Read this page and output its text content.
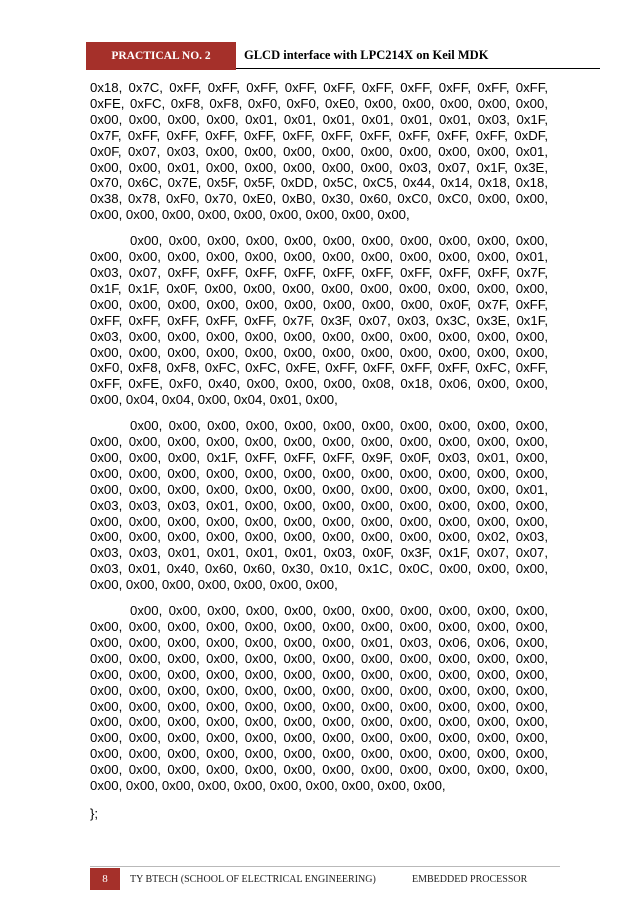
PRACTICAL NO. 2	GLCD interface with LPC214X on Keil MDK

0x18, 0x7C, 0xFF, 0xFF, 0xFF, 0xFF, 0xFF, 0xFF, 0xFF, 0xFF, 0xFF, 0xFF, 0xFE, 0xFC, 0xF8, 0xF8, 0xF0, 0xF0, 0xE0, 0x00, 0x00, 0x00, 0x00, 0x00, 0x00, 0x00, 0x00, 0x00, 0x01, 0x01, 0x01, 0x01, 0x01, 0x01, 0x03, 0x1F, 0x7F, 0xFF, 0xFF, 0xFF, 0xFF, 0xFF, 0xFF, 0xFF, 0xFF, 0xFF, 0xFF, 0xDF, 0x0F, 0x07, 0x03, 0x00, 0x00, 0x00, 0x00, 0x00, 0x00, 0x00, 0x00, 0x01, 0x00, 0x00, 0x01, 0x00, 0x00, 0x00, 0x00, 0x00, 0x03, 0x07, 0x1F, 0x3E, 0x70, 0x6C, 0x7E, 0x5F, 0x5F, 0xDD, 0x5C, 0xC5, 0x44, 0x14, 0x18, 0x18, 0x38, 0x78, 0xF0, 0x70, 0xE0, 0xB0, 0x30, 0x60, 0xC0, 0xC0, 0x00, 0x00, 0x00, 0x00, 0x00, 0x00, 0x00, 0x00, 0x00, 0x00, 0x00,

0x00, 0x00, 0x00, 0x00, 0x00, 0x00, 0x00, 0x00, 0x00, 0x00, 0x00, 0x00, 0x00, 0x00, 0x00, 0x00, 0x00, 0x00, 0x00, 0x00, 0x00, 0x00, 0x01, 0x03, 0x07, 0xFF, 0xFF, 0xFF, 0xFF, 0xFF, 0xFF, 0xFF, 0xFF, 0xFF, 0x7F, 0x1F, 0x1F, 0x0F, 0x00, 0x00, 0x00, 0x00, 0x00, 0x00, 0x00, 0x00, 0x00, 0x00, 0x00, 0x00, 0x00, 0x00, 0x00, 0x00, 0x00, 0x00, 0x0F, 0x7F, 0xFF, 0xFF, 0xFF, 0xFF, 0xFF, 0xFF, 0x7F, 0x3F, 0x07, 0x03, 0x3C, 0x3E, 0x1F, 0x03, 0x00, 0x00, 0x00, 0x00, 0x00, 0x00, 0x00, 0x00, 0x00, 0x00, 0x00, 0x00, 0x00, 0x00, 0x00, 0x00, 0x00, 0x00, 0x00, 0x00, 0x00, 0x00, 0x00, 0xF0, 0xF8, 0xF8, 0xFC, 0xFC, 0xFE, 0xFF, 0xFF, 0xFF, 0xFF, 0xFC, 0xFF, 0xFF, 0xFE, 0xF0, 0x40, 0x00, 0x00, 0x00, 0x08, 0x18, 0x06, 0x00, 0x00, 0x00, 0x04, 0x04, 0x00, 0x04, 0x01, 0x00,

0x00, 0x00, 0x00, 0x00, 0x00, 0x00, 0x00, 0x00, 0x00, 0x00, 0x00, 0x00, 0x00, 0x00, 0x00, 0x00, 0x00, 0x00, 0x00, 0x00, 0x00, 0x00, 0x00, 0x00, 0x00, 0x00, 0x1F, 0xFF, 0xFF, 0xFF, 0x9F, 0x0F, 0x03, 0x01, 0x00, 0x00, 0x00, 0x00, 0x00, 0x00, 0x00, 0x00, 0x00, 0x00, 0x00, 0x00, 0x00, 0x00, 0x00, 0x00, 0x00, 0x00, 0x00, 0x00, 0x00, 0x00, 0x00, 0x00, 0x01, 0x03, 0x03, 0x03, 0x01, 0x00, 0x00, 0x00, 0x00, 0x00, 0x00, 0x00, 0x00, 0x00, 0x00, 0x00, 0x00, 0x00, 0x00, 0x00, 0x00, 0x00, 0x00, 0x00, 0x00, 0x00, 0x00, 0x00, 0x00, 0x00, 0x00, 0x00, 0x00, 0x00, 0x00, 0x02, 0x03, 0x03, 0x03, 0x01, 0x01, 0x01, 0x01, 0x03, 0x0F, 0x3F, 0x1F, 0x07, 0x07, 0x03, 0x01, 0x40, 0x60, 0x60, 0x30, 0x10, 0x1C, 0x0C, 0x00, 0x00, 0x00, 0x00, 0x00, 0x00, 0x00, 0x00, 0x00, 0x00,

0x00, 0x00, 0x00, 0x00, 0x00, 0x00, 0x00, 0x00, 0x00, 0x00, 0x00, 0x00, 0x00, 0x00, 0x00, 0x00, 0x00, 0x00, 0x00, 0x00, 0x00, 0x00, 0x00, 0x00, 0x00, 0x00, 0x00, 0x00, 0x00, 0x00, 0x01, 0x03, 0x06, 0x06, 0x00, 0x00, 0x00, 0x00, 0x00, 0x00, 0x00, 0x00, 0x00, 0x00, 0x00, 0x00, 0x00, 0x00, 0x00, 0x00, 0x00, 0x00, 0x00, 0x00, 0x00, 0x00, 0x00, 0x00, 0x00, 0x00, 0x00, 0x00, 0x00, 0x00, 0x00, 0x00, 0x00, 0x00, 0x00, 0x00, 0x00, 0x00, 0x00, 0x00, 0x00, 0x00, 0x00, 0x00, 0x00, 0x00, 0x00, 0x00, 0x00, 0x00, 0x00, 0x00, 0x00, 0x00, 0x00, 0x00, 0x00, 0x00, 0x00, 0x00, 0x00, 0x00, 0x00, 0x00, 0x00, 0x00, 0x00, 0x00, 0x00, 0x00, 0x00, 0x00, 0x00, 0x00, 0x00, 0x00, 0x00, 0x00, 0x00, 0x00, 0x00, 0x00, 0x00, 0x00, 0x00, 0x00, 0x00, 0x00, 0x00, 0x00, 0x00, 0x00, 0x00, 0x00, 0x00, 0x00, 0x00, 0x00, 0x00, 0x00, 0x00, 0x00, 0x00, 0x00, 0x00, 0x00, 0x00,

};
8	TY BTECH (SCHOOL OF ELECTRICAL ENGINEERING)	EMBEDDED PROCESSOR
